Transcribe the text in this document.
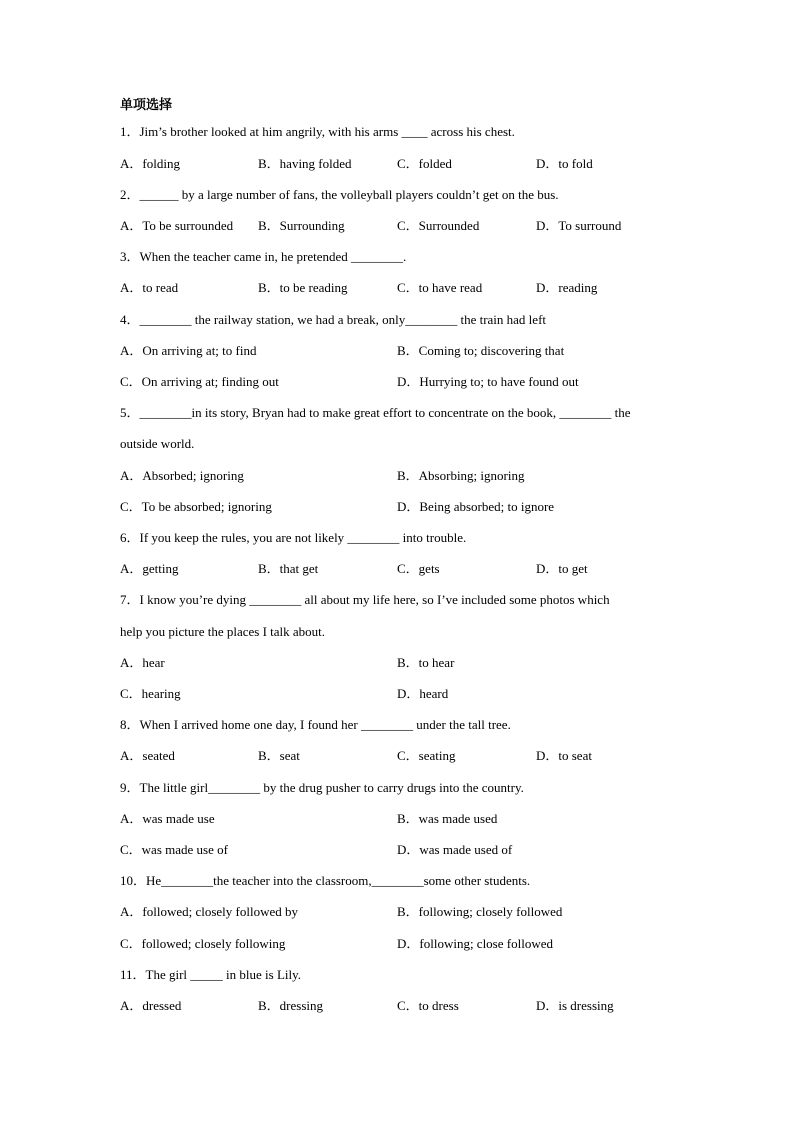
单项选择
1．Jim’s brother looked at him angrily, with his arms ____ across his chest.
A．folding	B．having folded	C．folded	D．to fold
2．______ by a large number of fans, the volleyball players couldn’t get on the bus.
A．To be surrounded B．Surrounding	C．Surrounded	D．To surround
3．When the teacher came in, he pretended ________.
A．to read	B．to be reading	C．to have read	D．reading
4．________ the railway station, we had a break, only________ the train had left
A．On arriving at; to find	B．Coming to; discovering that
C．On arriving at; finding out	D．Hurrying to; to have found out
5．________in its story, Bryan had to make great effort to concentrate on the book, ________ the
outside world.
A．Absorbed; ignoring	B．Absorbing; ignoring
C．To be absorbed; ignoring	D．Being absorbed; to ignore
6．If you keep the rules, you are not likely ________ into trouble.
A．getting	B．that get	C．gets	D．to get
7．I know you’re dying ________ all about my life here, so I’ve included some photos which
help you picture the places I talk about.
A．hear	B．to hear
C．hearing	D．heard
8．When I arrived home one day, I found her ________ under the tall tree.
A．seated	B．seat	C．seating	D．to seat
9．The little girl________ by the drug pusher to carry drugs into the country.
A．was made use	B．was made used
C．was made use of	D．was made used of
10．He________the teacher into the classroom,________some other students.
A．followed; closely followed by	B．following; closely followed
C．followed; closely following	D．following; close followed
11．The girl _____ in blue is Lily.
A．dressed	B．dressing	C．to dress	D．is dressing
